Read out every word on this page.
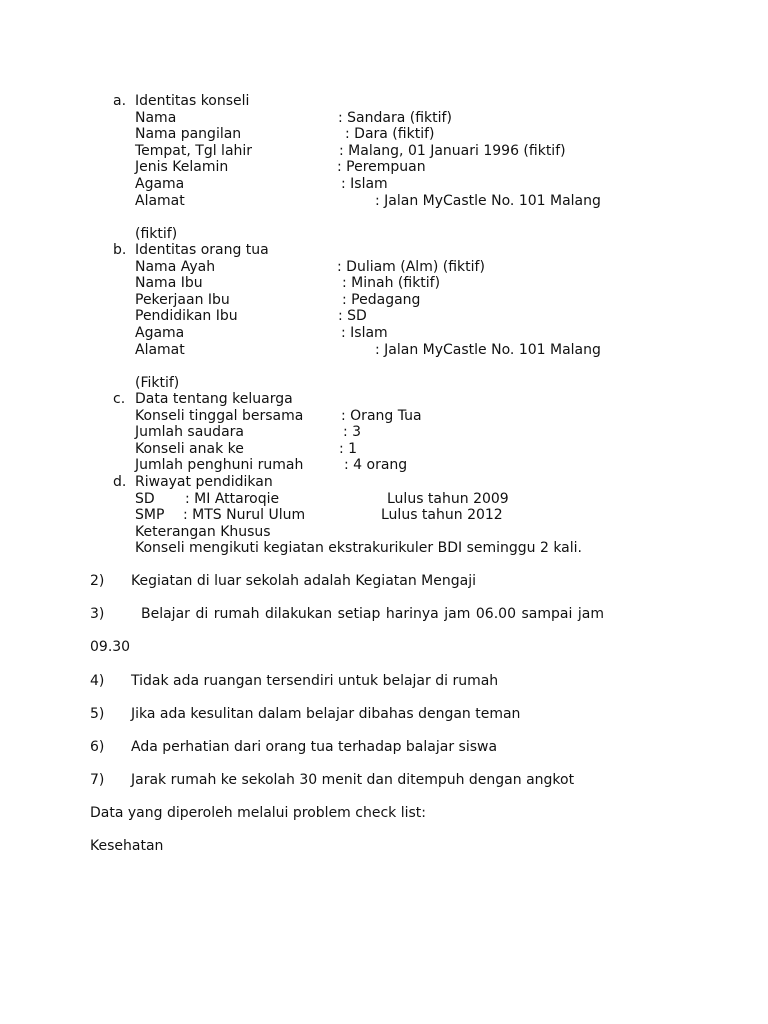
a. Identitas konseli
Nama	: Sandara (fiktif)
Nama pangilan	: Dara (fiktif)
Tempat, Tgl lahir	: Malang, 01 Januari 1996 (fiktif)
Jenis Kelamin	: Perempuan
Agama	: Islam
Alamat	: Jalan MyCastle No. 101 Malang
(fiktif)
b. Identitas orang tua
Nama Ayah	: Duliam (Alm) (fiktif)
Nama Ibu	: Minah (fiktif)
Pekerjaan Ibu	: Pedagang
Pendidikan Ibu	: SD
Agama	: Islam
Alamat	: Jalan MyCastle No. 101 Malang
(Fiktif)
c. Data tentang keluarga
Konseli tinggal bersama	: Orang Tua
Jumlah saudara	: 3
Konseli anak ke	: 1
Jumlah penghuni rumah	: 4 orang
d. Riwayat pendidikan
SD : MI Attaroqie	Lulus tahun 2009
SMP : MTS Nurul Ulum	Lulus tahun 2012
Keterangan Khusus
Konseli mengikuti kegiatan ekstrakurikuler BDI seminggu 2 kali.
2) Kegiatan di luar sekolah adalah Kegiatan Mengaji
3)	Belajar di rumah dilakukan setiap harinya jam 06.00 sampai jam
09.30
4) Tidak ada ruangan tersendiri untuk belajar di rumah
5) Jika ada kesulitan dalam belajar dibahas dengan teman
6) Ada perhatian dari orang tua terhadap balajar siswa
7) Jarak rumah ke sekolah 30 menit dan ditempuh dengan angkot
Data yang diperoleh melalui problem check list:
Kesehatan
